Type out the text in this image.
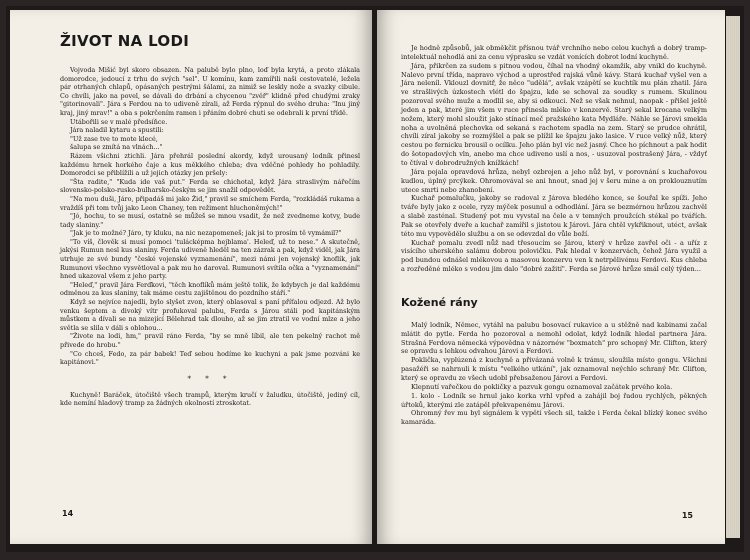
ŽIVOT NA LODI

Vojvoda Mišić byl skoro obsazen. Na palubě bylo plno, loď byla krytá, a proto zlákala domorodce, jedoucí z trhu do svých "sel". U komínu, kam zamířili naši cestovatelé, ležela pár otrhaných chlapů, opásaných pestrými šálami, za nimiž se leskly nože a svazky cibule. Co chvíli, jako na povel, se dávali do drbání a chycenou "zvěř" klidně před chudými zraky "gitorinovali". Jára s Ferdou na to udiveně zírali, až Ferda rýpnul do svého druha: "Inu jiný kraj, jiný mrav!" a oba s pokrčením ramen i přáním dobré chuti se odebrali k první třídě.

Utábořili se v malé předsíňce.

Jára naladil kytaru a spustili:

"Už zase tve to mote klecé,

šalupa se zmítá na vlnách..."

Rázem všichni ztichli. Jára přehrál poslední akordy, když urousaný lodník přinesl každému hrnek horkého čaje a kus měkkého chleba; dva vděčné pohledy ho pohladily. Domorodci se přiblížili a už jejich otázky jen pršely:

"Šta radite," "Kuda ide vaš put." Ferda se chichotal, když Jára straslivým nářečím slovensko-polsko-rusko-bulharsko-českým se jim snažil odpovědět.

"Na mou duši, Járo, připadáš mi jako Žid," pravil se smíchem Ferda, "rozkládáš rukama a vraždíš při tom tvůj jako Leon Chaney, ten režiment hluchoněmých!"

"Jó, hochu, to se musí, ostatně se můžeš se mnou vsadit, že než zvedneme kotvy, bude tady slaniny."

"Jak je to možné? Járo, ty kluku, na nic nezapomeneš; jak jsi to prosím tě vymámil?"

"To víš, člověk si musí pomoci 'tulácképma hejblama'. Heleď, už to nese." A skutečně, jakýsi Rumun nesl kus slaniny. Ferda udiveně hleděl na ten zázrak a pak, když viděl, jak Jára utrhuje ze své bundy "české vojenské vyznamenání", mezi námi jen vojenský knoflík, jak Rumunovi všechno vysvětloval a pak mu ho daroval. Rumunovi svítila očka a "vyznamenání" hned ukazoval všem z jeho party.

"Heleď," pravil Jára Ferďkovi, "těch knoflíků mám ještě tolik, že kdybych je dal každému odměnou za kus slaniny, tak máme cestu zajištěnou do pozdního stáří."

Když se nejvíce najedli, bylo slyšet zvon, který oblasoval s paní příťalou odjezd. Až bylo venku šeptem a divoký vítr profukoval palubu, Ferda s Járou stáli pod kapitánským můstkem a dívali se na mizející Bělehrad tak dlouho, až se jim ztratil ve vodní mlze a jeho světla se slila v dáli s oblohou...

"Živote na lodi, hm," pravil ráno Ferda, "by se mně líbil, ale ten pekelný rachot mě přivede do hrobu."

"Co chceš, Fedo, za pár babek! Teď sebou hodíme ke kuchyni a pak jsme pozváni ke kapitánovi."

* * *

Kuchyně! Baráček, útočiště všech trampů, kterým kručí v žaludku, útočiště, jediný cíl, kde nemíní hladový tramp za žádných okolností ztroskotat.

14

Je hodně způsobů, jak obměkčit přísnou tvář vrchního nebo celou kuchyň a dobrý tramp-intelektuál nehodlá ani za cenu výprasku se vzdát vonících dobrot lodní kuchyně.

Jára, přikrčen za sudem s pitnou vodou, číhal na vhodný okamžik, aby vnikl do kuchyně. Nalevo první třída, napravo východ a uprostřed rajská vůně kávy. Stará kuchař vyšel ven a Jára neleníl. Vklouzl dovnitř, že něco "udělá", avšak vzápětí se kuchtík mu plán zhatil. Jára ve strašlivých úzkostech vlétl do špajzu, kde se schoval za soudky s rumem. Skulinou pozoroval svého muže a modlil se, aby si odkouci. Než se však nehnul, naopak - přišel ještě jeden a pak, které jim všem v ruce přinesla mléko v konzervě. Starý sekal krocana velkým nožem, který mohl sloužit jako stínací meč pražského kata Mydláře. Náhle se Járovi smekla noha a uvolněná plechovka od sekaná s rachotem spadla na zem. Starý se prudce ohrátil, chvíli zíral jakoby se rozmýšlel a pak se plížil ke špajzu jako lasice. V ruce velký nůž, který cestou po fernicku brousil o ocílku. Jeho plán byl víc než jasný. Chce ho píchnout a pak hodit do šotopadových vln, anebo ma chce udiveno uslí a nos, - usuzoval postrašený Jára, - vždyť to čtíval v dobrodružných knížkách!

Jára pojala opravdová hrůza, nebyl ozbrojen a jeho nůž byl, v porovnání s kuchařovou kudlou, úplný prcýkek. Ohromovával se ani hnout, snad jej v šeru mine a on proklouznutím utece smrti nebo zhanobení.

Kuchař pomalučku, jakoby se radoval z Járova bledého konce, se šouřal ke spíži. Jeho tváře byly jako z ocele, ryzy mýček posunul a odhodlání. Jára se bezmérnou hrůzou zachvěl a slabě zasténal. Studený pot mu vyvstal na čele a v temných proužcích stékal po tvářích. Pak se otevřely dveře a kuchař zamířil s jistotou k Járovi. Jára chtěl vykřiknout, utéct, avšak této mu vypovědělo službu a on se odevzdal do vůle boží.

Kuchař pomalu zvedl nůž nad třesoucím se Járou, který v hrůze zavřel oči - a uříz z visícího uherského salámu dobrou polovičku. Pak hledal v konzervách, čehož Jára využil a pod bundou odnášel mlékovou a masovou konzervu ven k netrpělivému Ferdovi. Kus chleba a rozředěné mléko s vodou jim dalo "dobré zažití". Ferda se Járové hrůze smál celý týden...

Kožené rány

Malý lodník, Němec, vytáhl na palubu bosovací rukavice a u stěžně nad kabinami začal mlátit do pytle. Ferda ho pozoroval a nemohl odolat, když lodník hledal partnera Jára. Strašná Ferdova německá výpovědna v názornéw "boxmatch" pro schopný Mr. Clifton, který se opravdu s lehkou odvahou Járovi a Ferdovi.

Poklička, vyplúzená z kuchyně a přivázaná volně k trámu, sloužila místo gongu. Všichni pasažéři se nahrnuli k místu "velkého utkání", jak oznamoval neýchlo schraný Mr. Clifton, který se opravdu ze všech udobl přebsaženou Járovi a Ferdovi.

Klepnutí vařečkou do pokličky a pazvuk gongu oznamoval začátek prvého kola.

1. kolo - Lodník se hrnul jako korka vrhl vpřed a zahájil boj řadou rychlých, pěkných úřtoků, kterými zle zatápěl překvapenému Járovi.

Ohromný řev mu byl signálem k vypětí všech sil, takže i Ferda čekal blízký konec svého kamaráda.

15
